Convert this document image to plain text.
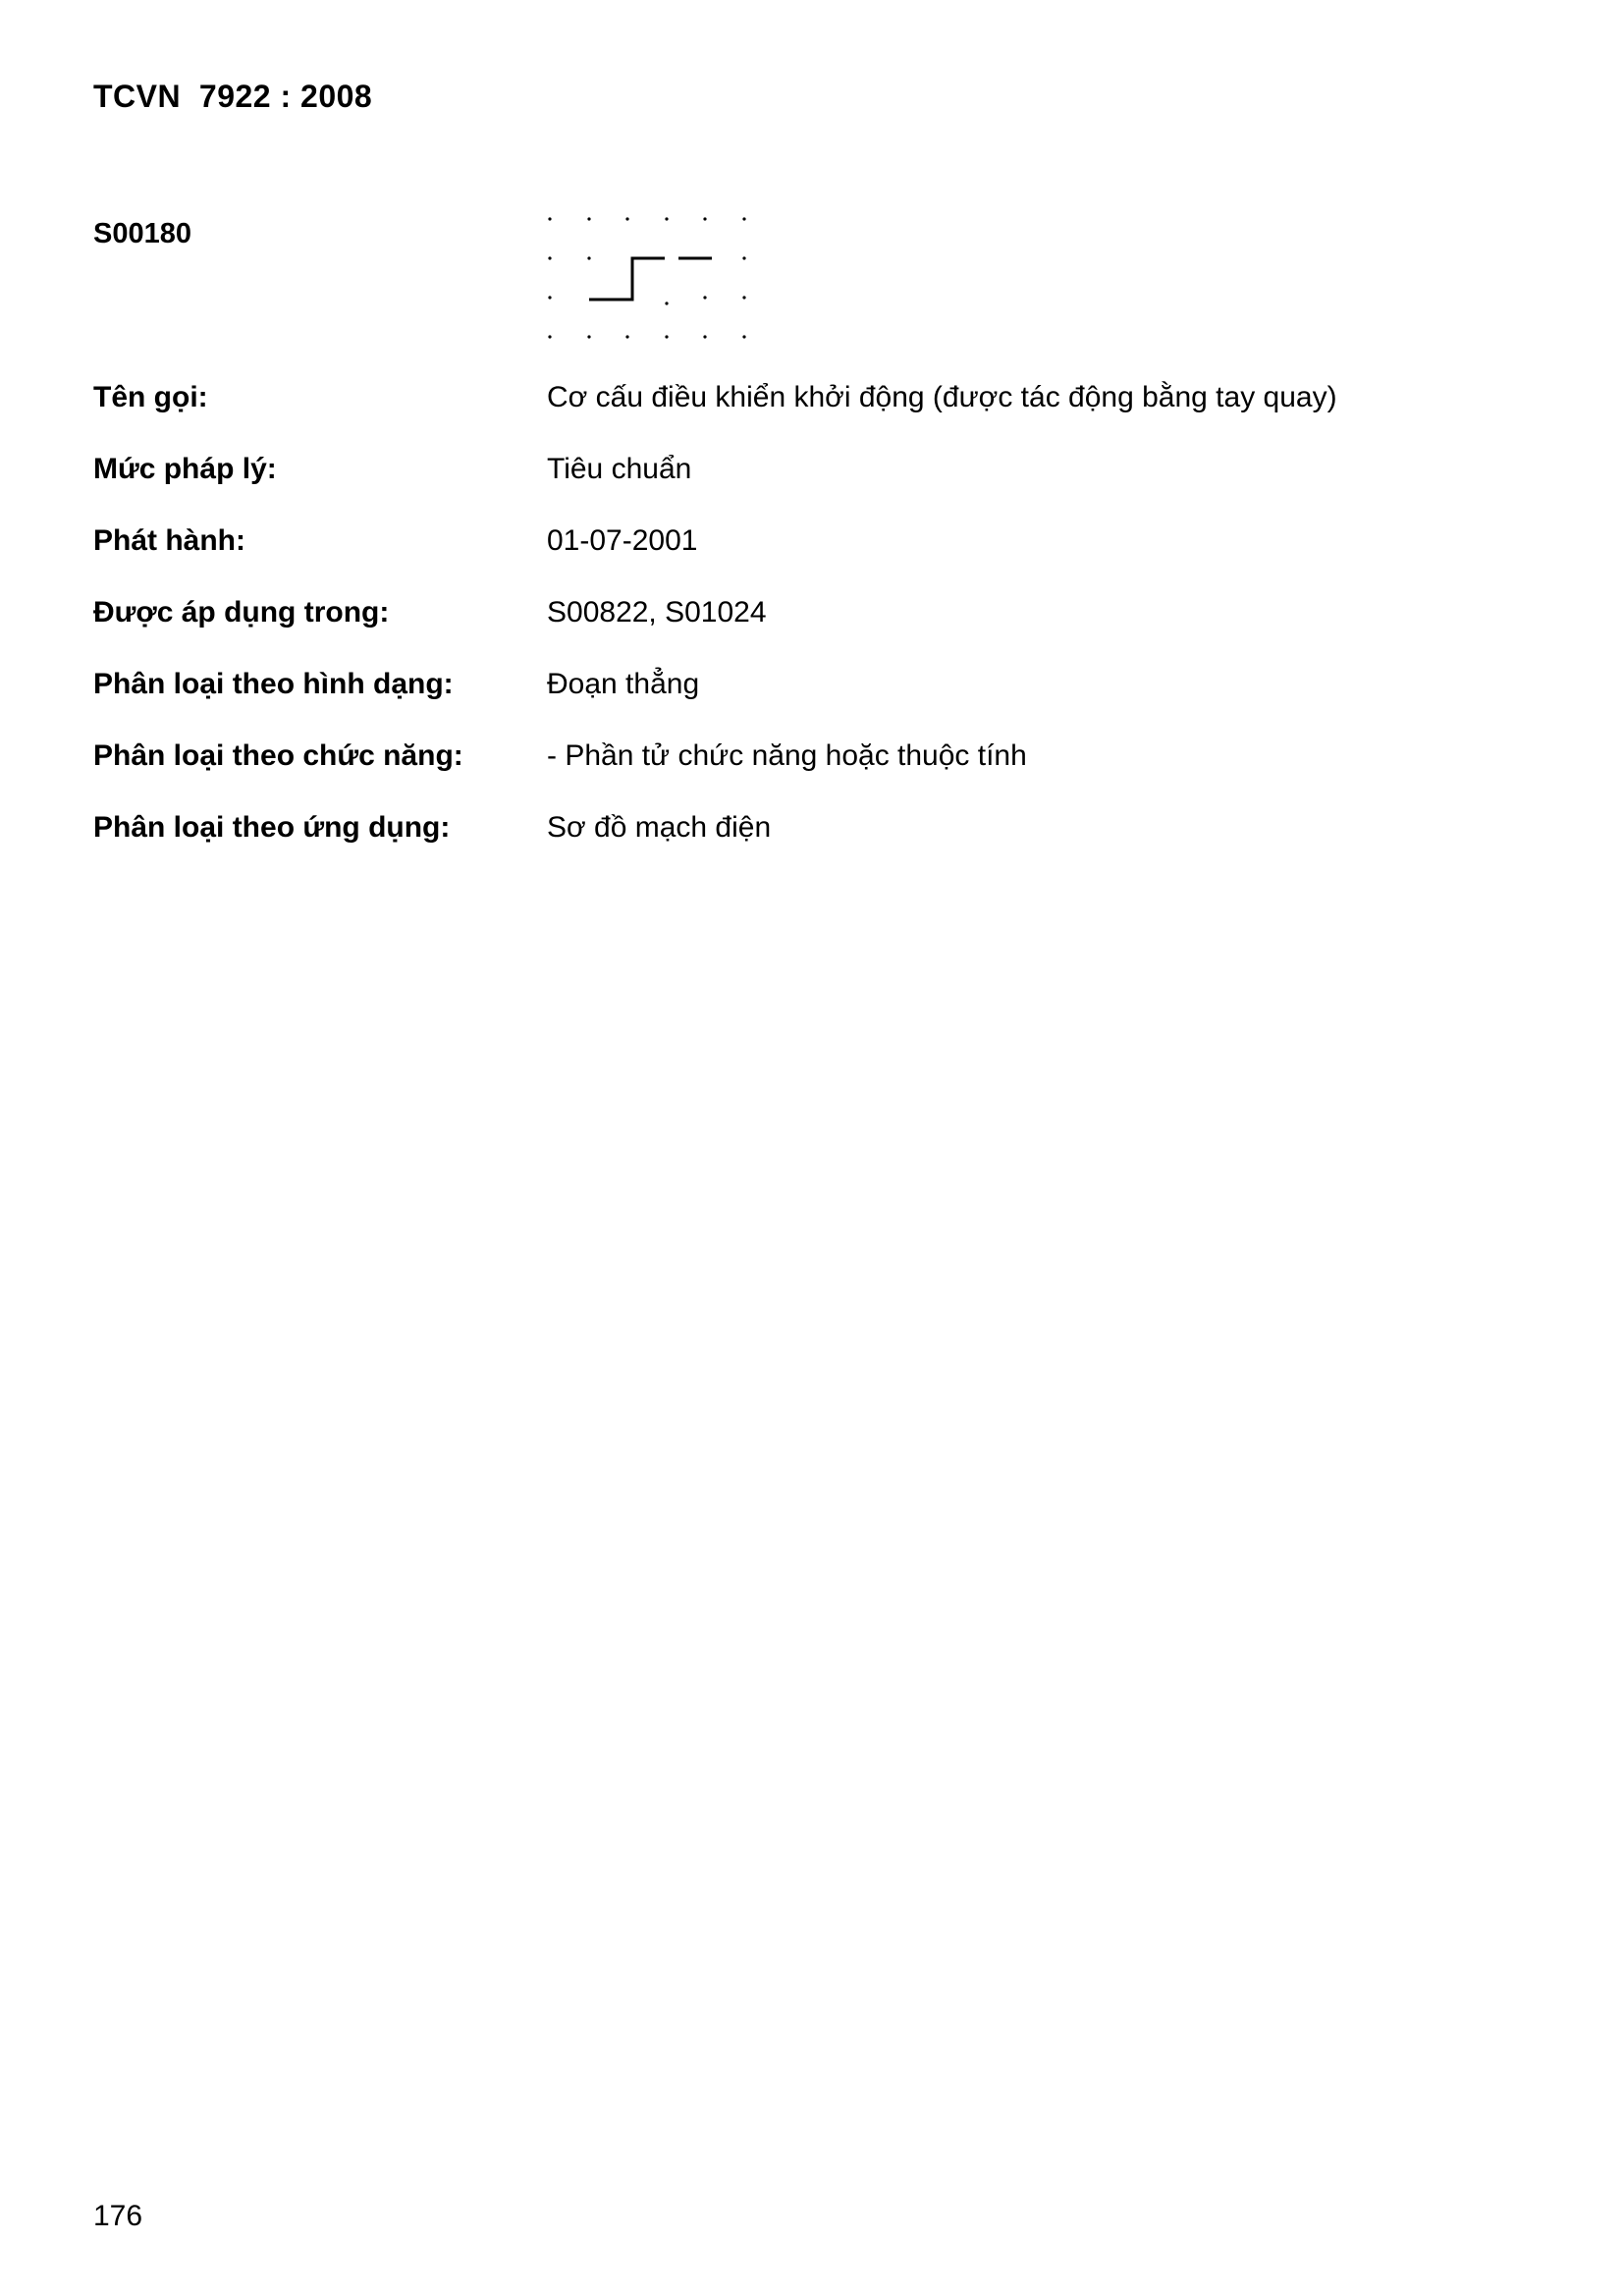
TCVN  7922 : 2008
S00180
Tên gọi:	Cơ cấu điều khiển khởi động (được tác động bằng tay quay)
Mức pháp lý:	Tiêu chuẩn
Phát hành:	01-07-2001
Được áp dụng trong:	S00822, S01024
Phân loại theo hình dạng:	Đoạn thẳng
Phân loại theo chức năng:	- Phần tử chức năng hoặc thuộc tính
Phân loại theo ứng dụng:	Sơ đồ mạch điện
176
